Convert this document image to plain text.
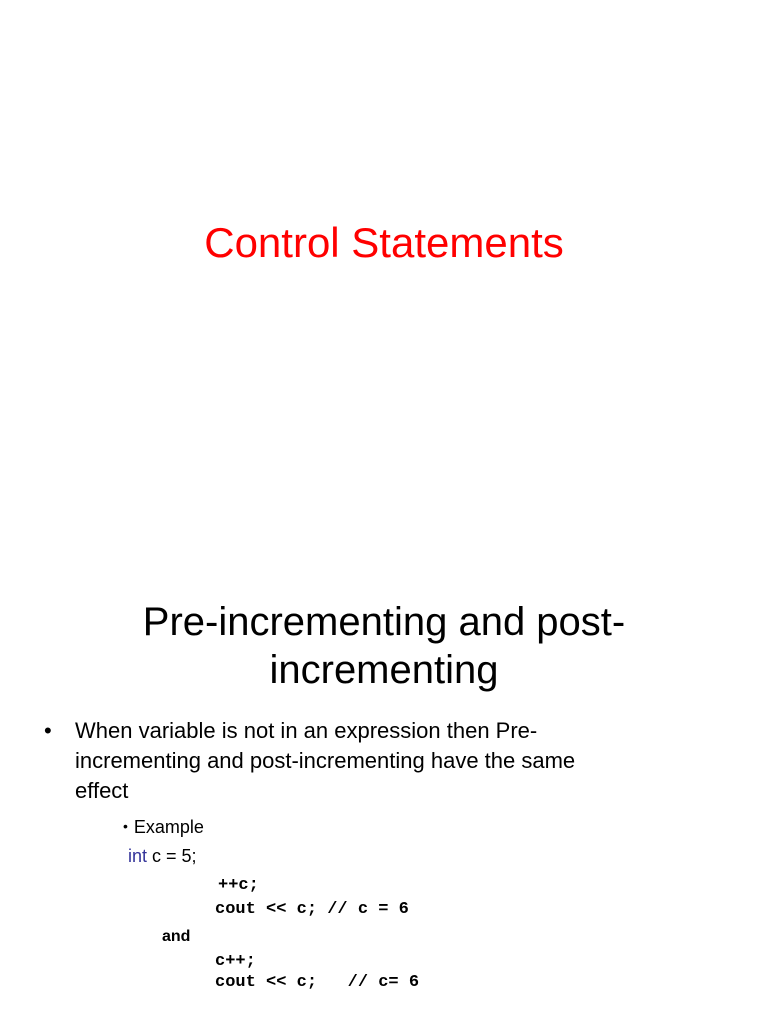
Control Statements
Pre-incrementing and post-
incrementing
• When variable is not in an expression then Pre-
incrementing and post-incrementing have the same
effect
• Example
int c = 5;
++c;
cout << c; // c = 6
and
c++;
cout << c;   // c= 6
